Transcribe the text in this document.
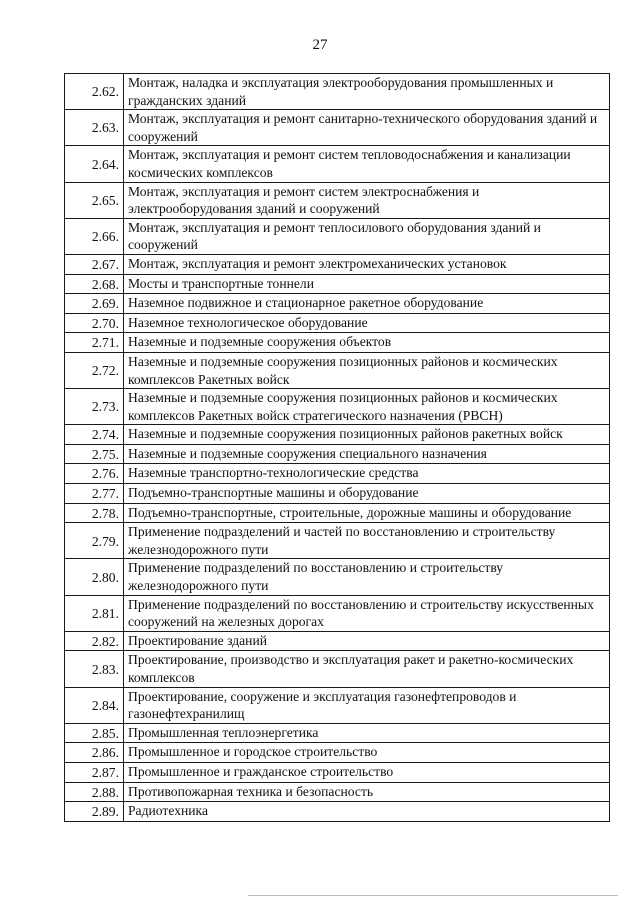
27
2.62.	Монтаж, наладка и эксплуатация электрооборудования промышленных и гражданских зданий
2.63.	Монтаж, эксплуатация и ремонт санитарно-технического оборудования зданий и сооружений
2.64.	Монтаж, эксплуатация и ремонт систем тепловодоснабжения и канализации космических комплексов
2.65.	Монтаж, эксплуатация и ремонт систем электроснабжения и электрооборудования зданий и сооружений
2.66.	Монтаж, эксплуатация и ремонт теплосилового оборудования зданий и сооружений
2.67.	Монтаж, эксплуатация и ремонт электромеханических установок
2.68.	Мосты и транспортные тоннели
2.69.	Наземное подвижное и стационарное ракетное оборудование
2.70.	Наземное технологическое оборудование
2.71.	Наземные и подземные сооружения объектов
2.72.	Наземные и подземные сооружения позиционных районов и космических комплексов Ракетных войск
2.73.	Наземные и подземные сооружения позиционных районов и космических комплексов Ракетных войск стратегического назначения (РВСН)
2.74.	Наземные и подземные сооружения позиционных районов ракетных войск
2.75.	Наземные и подземные сооружения специального назначения
2.76.	Наземные транспортно-технологические средства
2.77.	Подъемно-транспортные машины и оборудование
2.78.	Подъемно-транспортные, строительные, дорожные машины и оборудование
2.79.	Применение подразделений и частей по восстановлению и строительству железнодорожного пути
2.80.	Применение подразделений по восстановлению и строительству железнодорожного пути
2.81.	Применение подразделений по восстановлению и строительству искусственных сооружений на железных дорогах
2.82.	Проектирование зданий
2.83.	Проектирование, производство и эксплуатация ракет и ракетно-космических комплексов
2.84.	Проектирование, сооружение и эксплуатация газонефтепроводов и газонефтехранилищ
2.85.	Промышленная теплоэнергетика
2.86.	Промышленное и городское строительство
2.87.	Промышленное и гражданское строительство
2.88.	Противопожарная техника и безопасность
2.89.	Радиотехника
